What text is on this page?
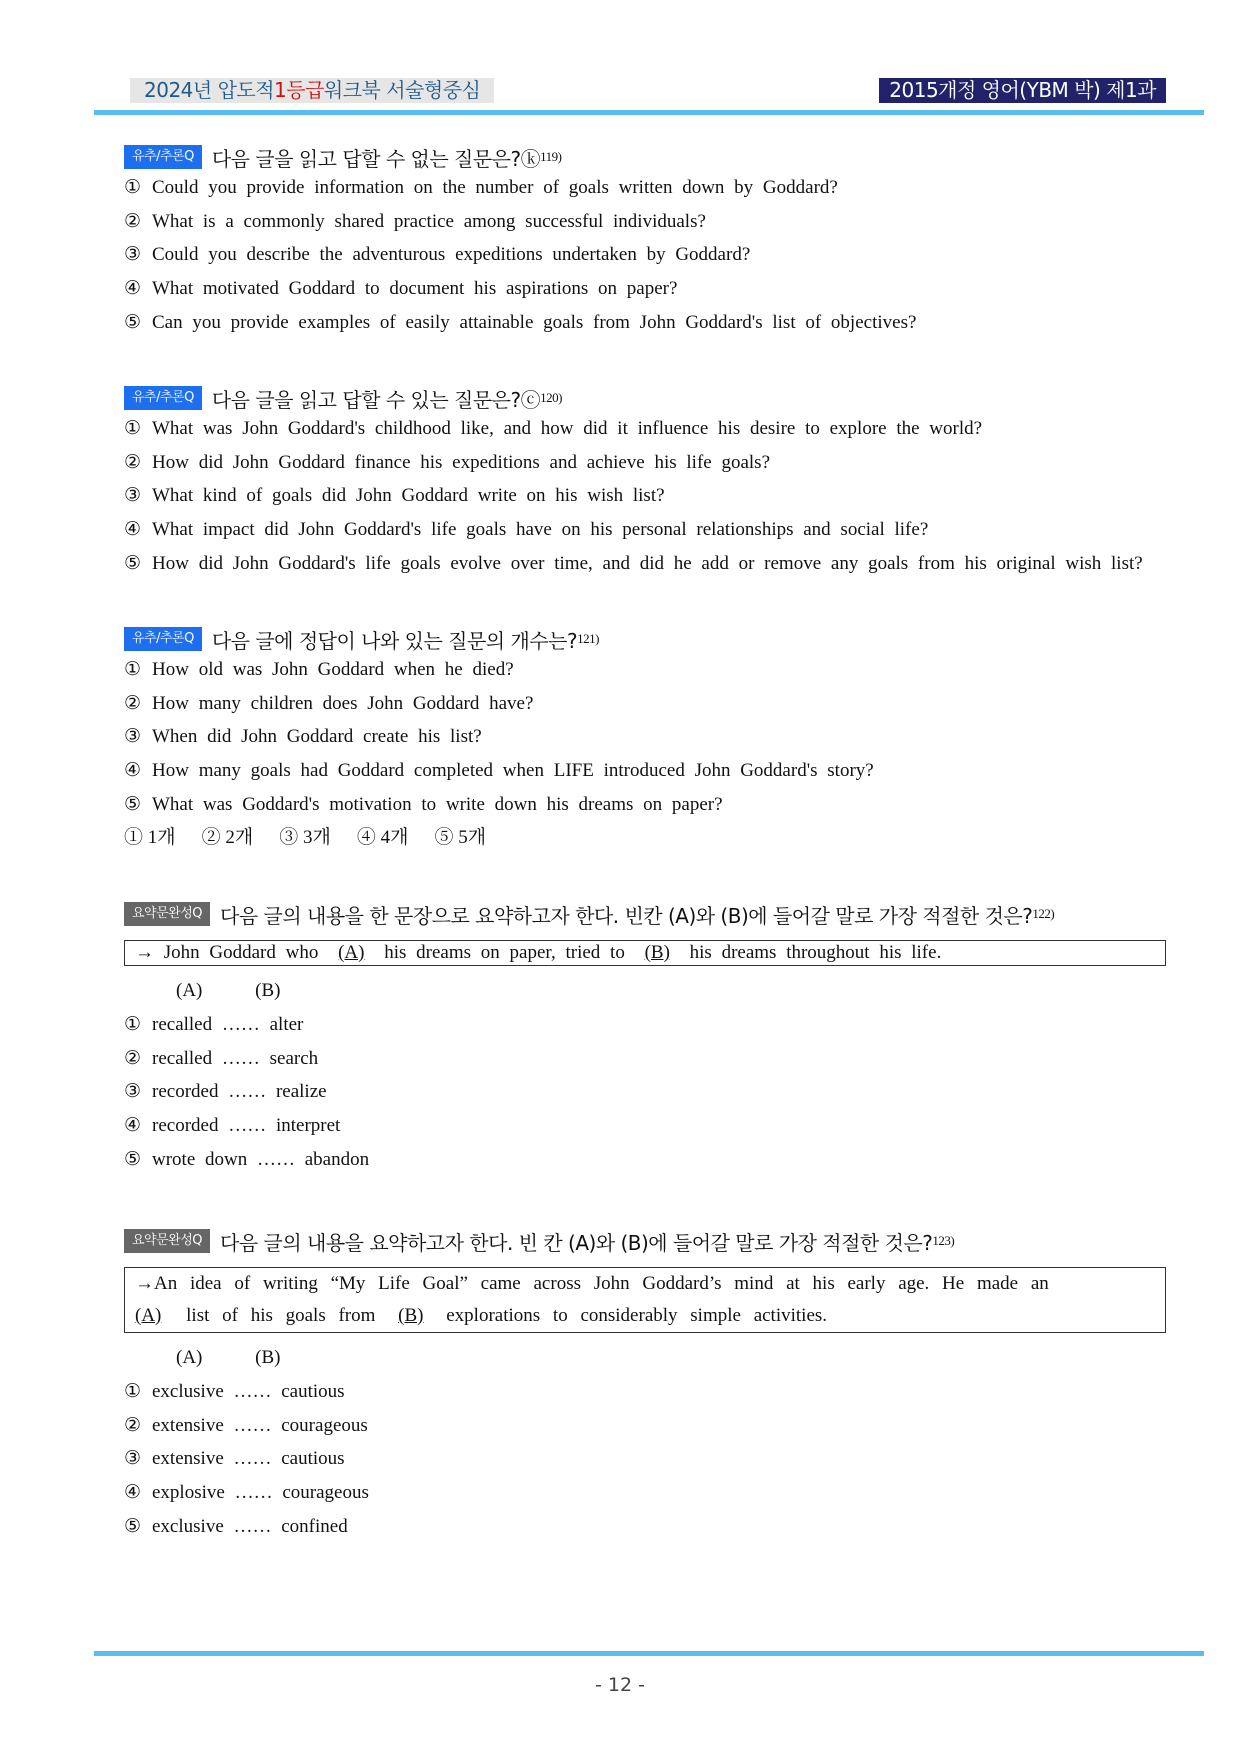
2024년 압도적1등급워크북 서술형중심	2015개정 영어(YBM 박) 제1과
유추/추론Q 다음 글을 읽고 답할 수 없는 질문은?ⓚ 119)
① Could you provide information on the number of goals written down by Goddard?
② What is a commonly shared practice among successful individuals?
③ Could you describe the adventurous expeditions undertaken by Goddard?
④ What motivated Goddard to document his aspirations on paper?
⑤ Can you provide examples of easily attainable goals from John Goddard's list of objectives?
유추/추론Q 다음 글을 읽고 답할 수 있는 질문은?ⓒ 120)
① What was John Goddard's childhood like, and how did it influence his desire to explore the world?
② How did John Goddard finance his expeditions and achieve his life goals?
③ What kind of goals did John Goddard write on his wish list?
④ What impact did John Goddard's life goals have on his personal relationships and social life?
⑤ How did John Goddard's life goals evolve over time, and did he add or remove any goals from his original wish list?
유추/추론Q 다음 글에 정답이 나와 있는 질문의 개수는? 121)
① How old was John Goddard when he died?
② How many children does John Goddard have?
③ When did John Goddard create his list?
④ How many goals had Goddard completed when LIFE introduced John Goddard's story?
⑤ What was Goddard's motivation to write down his dreams on paper?
① 1개 ② 2개 ③ 3개 ④ 4개 ⑤ 5개
요약문완성Q 다음 글의 내용을 한 문장으로 요약하고자 한다. 빈칸 (A)와 (B)에 들어갈 말로 가장 적절한 것은? 122)
→ John Goddard who (A) his dreams on paper, tried to (B) his dreams throughout his life.
(A)	(B)
① recalled …… alter
② recalled …… search
③ recorded …… realize
④ recorded …… interpret
⑤ wrote down …… abandon
요약문완성Q 다음 글의 내용을 요약하고자 한다. 빈 칸 (A)와 (B)에 들어갈 말로 가장 적절한 것은? 123)
→An idea of writing “My Life Goal” came across John Goddard’s mind at his early age. He made an
(A) list of his goals from (B) explorations to considerably simple activities.
(A)	(B)
① exclusive …… cautious
② extensive …… courageous
③ extensive …… cautious
④ explosive …… courageous
⑤ exclusive …… confined
- 12 -
